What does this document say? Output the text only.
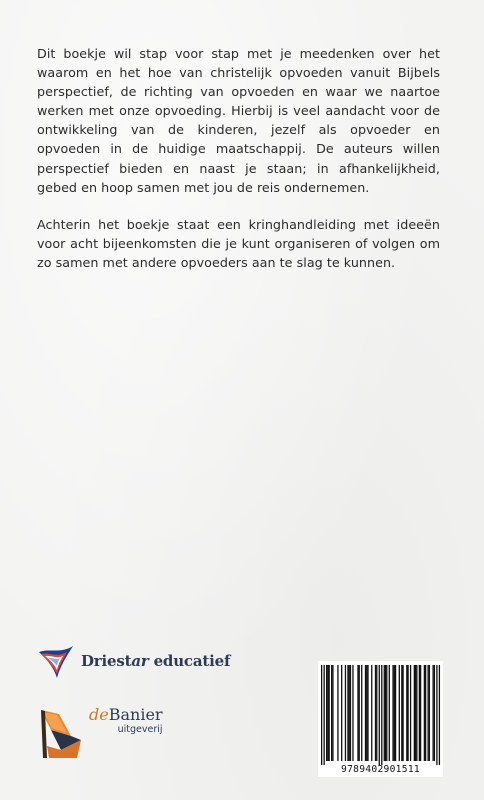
Dit boekje wil stap voor stap met je meedenken over het waarom en het hoe van christelijk opvoeden vanuit Bijbels perspectief, de richting van opvoeden en waar we naartoe werken met onze opvoeding. Hierbij is veel aandacht voor de ontwikkeling van de kinderen, jezelf als opvoeder en opvoeden in de huidige maatschappij. De auteurs willen perspectief bieden en naast je staan; in afhankelijkheid, gebed en hoop samen met jou de reis ondernemen.

Achterin het boekje staat een kringhandleiding met ideeën voor acht bijeenkomsten die je kunt organiseren of volgen om zo samen met andere opvoeders aan te slag te kunnen.

Driestar educatief
deBanier
uitgeverij
9789402901511
